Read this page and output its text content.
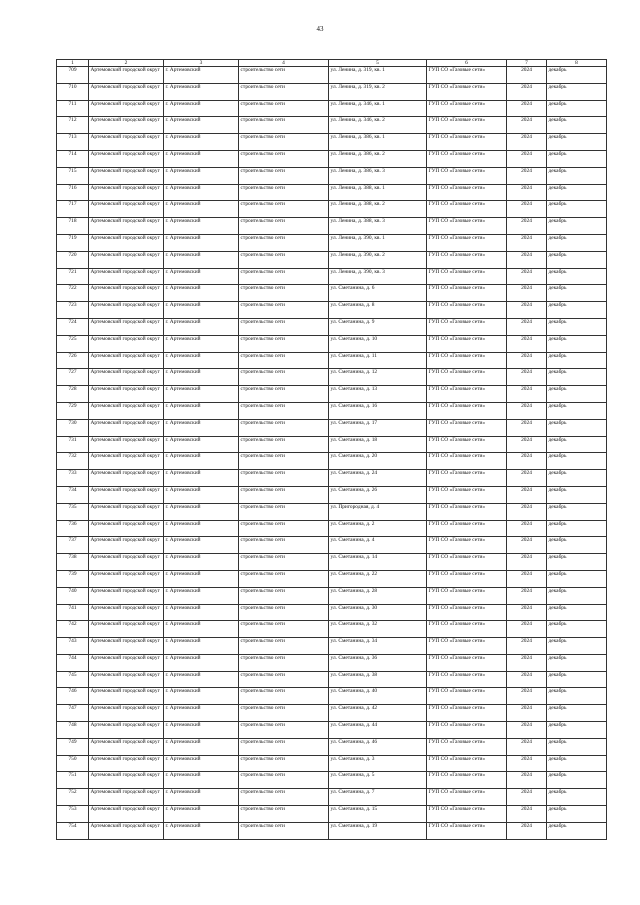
43
1	2	3	4	5	6	7	8
709	Артемовский городской округ	г. Артемовский	строительство сети	ул. Ленина, д. 319, кв. 1	ГУП СО «Газовые сети»	2024	декабрь
710	Артемовский городской округ	г. Артемовский	строительство сети	ул. Ленина, д. 319, кв. 2	ГУП СО «Газовые сети»	2024	декабрь
711	Артемовский городской округ	г. Артемовский	строительство сети	ул. Ленина, д. 346, кв. 1	ГУП СО «Газовые сети»	2024	декабрь
712	Артемовский городской округ	г. Артемовский	строительство сети	ул. Ленина, д. 346, кв. 2	ГУП СО «Газовые сети»	2024	декабрь
713	Артемовский городской округ	г. Артемовский	строительство сети	ул. Ленина, д. 386, кв. 1	ГУП СО «Газовые сети»	2024	декабрь
714	Артемовский городской округ	г. Артемовский	строительство сети	ул. Ленина, д. 386, кв. 2	ГУП СО «Газовые сети»	2024	декабрь
715	Артемовский городской округ	г. Артемовский	строительство сети	ул. Ленина, д. 386, кв. 3	ГУП СО «Газовые сети»	2024	декабрь
716	Артемовский городской округ	г. Артемовский	строительство сети	ул. Ленина, д. 388, кв. 1	ГУП СО «Газовые сети»	2024	декабрь
717	Артемовский городской округ	г. Артемовский	строительство сети	ул. Ленина, д. 388, кв. 2	ГУП СО «Газовые сети»	2024	декабрь
718	Артемовский городской округ	г. Артемовский	строительство сети	ул. Ленина, д. 388, кв. 3	ГУП СО «Газовые сети»	2024	декабрь
719	Артемовский городской округ	г. Артемовский	строительство сети	ул. Ленина, д. 390, кв. 1	ГУП СО «Газовые сети»	2024	декабрь
720	Артемовский городской округ	г. Артемовский	строительство сети	ул. Ленина, д. 390, кв. 2	ГУП СО «Газовые сети»	2024	декабрь
721	Артемовский городской округ	г. Артемовский	строительство сети	ул. Ленина, д. 390, кв. 3	ГУП СО «Газовые сети»	2024	декабрь
722	Артемовский городской округ	г. Артемовский	строительство сети	ул. Сметанина, д. 6	ГУП СО «Газовые сети»	2024	декабрь
723	Артемовский городской округ	г. Артемовский	строительство сети	ул. Сметанина, д. 8	ГУП СО «Газовые сети»	2024	декабрь
724	Артемовский городской округ	г. Артемовский	строительство сети	ул. Сметанина, д. 9	ГУП СО «Газовые сети»	2024	декабрь
725	Артемовский городской округ	г. Артемовский	строительство сети	ул. Сметанина, д. 10	ГУП СО «Газовые сети»	2024	декабрь
726	Артемовский городской округ	г. Артемовский	строительство сети	ул. Сметанина, д. 11	ГУП СО «Газовые сети»	2024	декабрь
727	Артемовский городской округ	г. Артемовский	строительство сети	ул. Сметанина, д. 12	ГУП СО «Газовые сети»	2024	декабрь
728	Артемовский городской округ	г. Артемовский	строительство сети	ул. Сметанина, д. 13	ГУП СО «Газовые сети»	2024	декабрь
729	Артемовский городской округ	г. Артемовский	строительство сети	ул. Сметанина, д. 16	ГУП СО «Газовые сети»	2024	декабрь
730	Артемовский городской округ	г. Артемовский	строительство сети	ул. Сметанина, д. 17	ГУП СО «Газовые сети»	2024	декабрь
731	Артемовский городской округ	г. Артемовский	строительство сети	ул. Сметанина, д. 18	ГУП СО «Газовые сети»	2024	декабрь
732	Артемовский городской округ	г. Артемовский	строительство сети	ул. Сметанина, д. 20	ГУП СО «Газовые сети»	2024	декабрь
733	Артемовский городской округ	г. Артемовский	строительство сети	ул. Сметанина, д. 24	ГУП СО «Газовые сети»	2024	декабрь
734	Артемовский городской округ	г. Артемовский	строительство сети	ул. Сметанина, д. 26	ГУП СО «Газовые сети»	2024	декабрь
735	Артемовский городской округ	г. Артемовский	строительство сети	ул. Пригородная, д. 4	ГУП СО «Газовые сети»	2024	декабрь
736	Артемовский городской округ	г. Артемовский	строительство сети	ул. Сметанина, д. 2	ГУП СО «Газовые сети»	2024	декабрь
737	Артемовский городской округ	г. Артемовский	строительство сети	ул. Сметанина, д. 4	ГУП СО «Газовые сети»	2024	декабрь
738	Артемовский городской округ	г. Артемовский	строительство сети	ул. Сметанина, д. 14	ГУП СО «Газовые сети»	2024	декабрь
739	Артемовский городской округ	г. Артемовский	строительство сети	ул. Сметанина, д. 22	ГУП СО «Газовые сети»	2024	декабрь
740	Артемовский городской округ	г. Артемовский	строительство сети	ул. Сметанина, д. 28	ГУП СО «Газовые сети»	2024	декабрь
741	Артемовский городской округ	г. Артемовский	строительство сети	ул. Сметанина, д. 30	ГУП СО «Газовые сети»	2024	декабрь
742	Артемовский городской округ	г. Артемовский	строительство сети	ул. Сметанина, д. 32	ГУП СО «Газовые сети»	2024	декабрь
743	Артемовский городской округ	г. Артемовский	строительство сети	ул. Сметанина, д. 34	ГУП СО «Газовые сети»	2024	декабрь
744	Артемовский городской округ	г. Артемовский	строительство сети	ул. Сметанина, д. 36	ГУП СО «Газовые сети»	2024	декабрь
745	Артемовский городской округ	г. Артемовский	строительство сети	ул. Сметанина, д. 38	ГУП СО «Газовые сети»	2024	декабрь
746	Артемовский городской округ	г. Артемовский	строительство сети	ул. Сметанина, д. 40	ГУП СО «Газовые сети»	2024	декабрь
747	Артемовский городской округ	г. Артемовский	строительство сети	ул. Сметанина, д. 42	ГУП СО «Газовые сети»	2024	декабрь
748	Артемовский городской округ	г. Артемовский	строительство сети	ул. Сметанина, д. 44	ГУП СО «Газовые сети»	2024	декабрь
749	Артемовский городской округ	г. Артемовский	строительство сети	ул. Сметанина, д. 46	ГУП СО «Газовые сети»	2024	декабрь
750	Артемовский городской округ	г. Артемовский	строительство сети	ул. Сметанина, д. 3	ГУП СО «Газовые сети»	2024	декабрь
751	Артемовский городской округ	г. Артемовский	строительство сети	ул. Сметанина, д. 5	ГУП СО «Газовые сети»	2024	декабрь
752	Артемовский городской округ	г. Артемовский	строительство сети	ул. Сметанина, д. 7	ГУП СО «Газовые сети»	2024	декабрь
753	Артемовский городской округ	г. Артемовский	строительство сети	ул. Сметанина, д. 15	ГУП СО «Газовые сети»	2024	декабрь
754	Артемовский городской округ	г. Артемовский	строительство сети	ул. Сметанина, д. 19	ГУП СО «Газовые сети»	2024	декабрь
